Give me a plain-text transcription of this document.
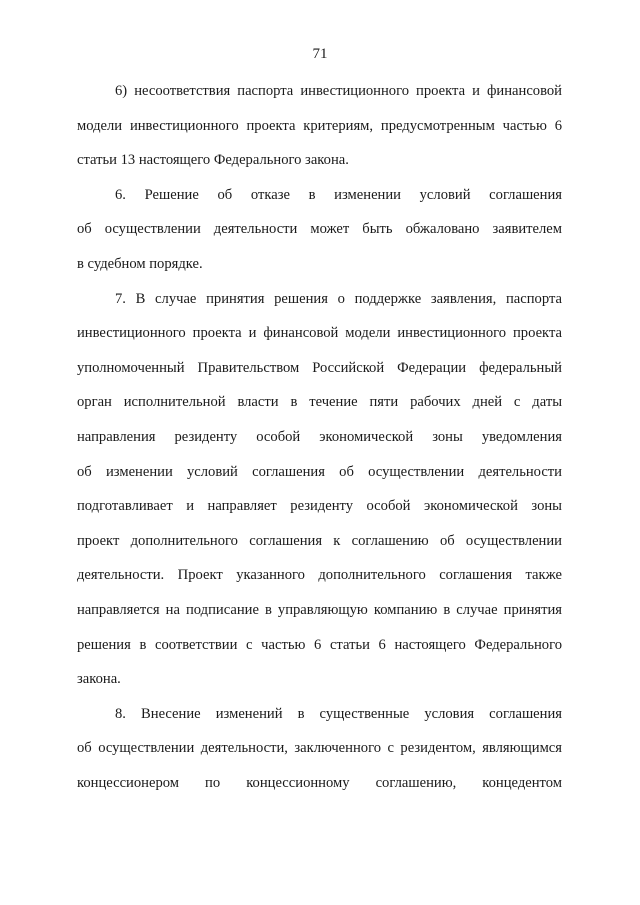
71
6) несоответствия паспорта инвестиционного проекта и финансовой
модели инвестиционного проекта критериям, предусмотренным частью 6
статьи 13 настоящего Федерального закона.
6. Решение об отказе в изменении условий соглашения
об осуществлении деятельности может быть обжаловано заявителем
в судебном порядке.
7. В случае принятия решения о поддержке заявления, паспорта
инвестиционного проекта и финансовой модели инвестиционного проекта
уполномоченный Правительством Российской Федерации федеральный
орган исполнительной власти в течение пяти рабочих дней с даты
направления резиденту особой экономической зоны уведомления
об изменении условий соглашения об осуществлении деятельности
подготавливает и направляет резиденту особой экономической зоны
проект дополнительного соглашения к соглашению об осуществлении
деятельности. Проект указанного дополнительного соглашения также
направляется на подписание в управляющую компанию в случае принятия
решения в соответствии с частью 6 статьи 6 настоящего Федерального
закона.
8. Внесение изменений в существенные условия соглашения
об осуществлении деятельности, заключенного с резидентом, являющимся
концессионером по концессионному соглашению, концедентом
